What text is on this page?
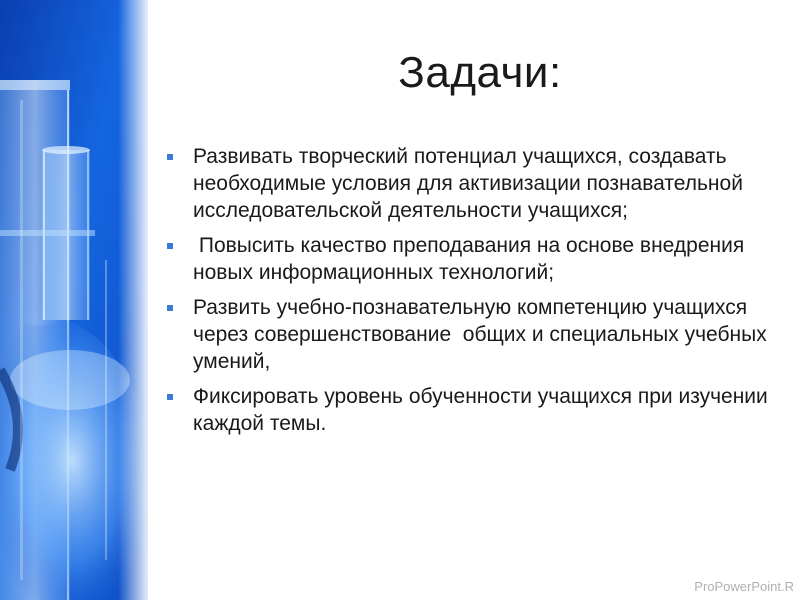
Задачи:
Развивать творческий потенциал учащихся, создавать необходимые условия для активизации познавательной исследовательской деятельности учащихся;
Повысить качество преподавания на основе внедрения новых информационных технологий;
Развить учебно-познавательную компетенцию учащихся через совершенствование  общих и специальных учебных умений,
Фиксировать уровень обученности учащихся при изучении каждой темы.
ProPowerPoint.R
